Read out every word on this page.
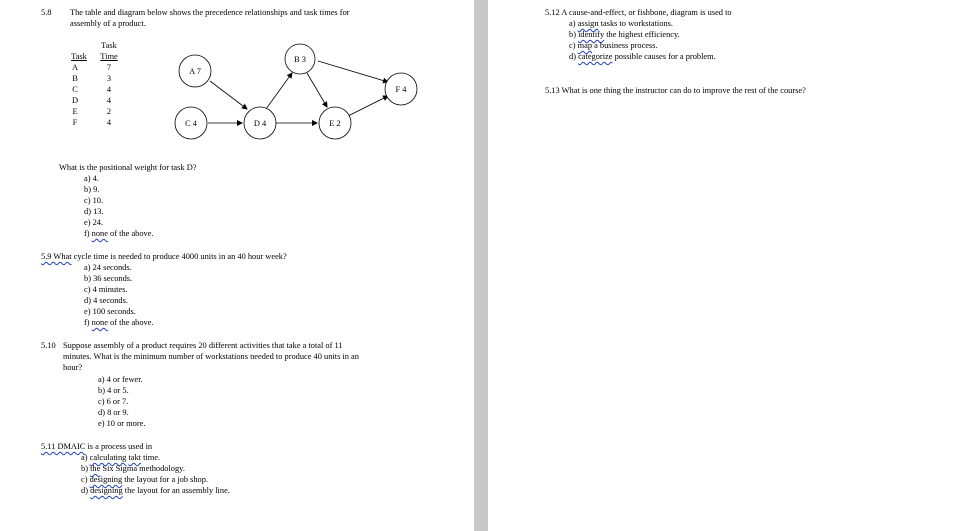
5.8 The table and diagram below shows the precedence relationships and task times for
assembly of a product.
Task
Task	Time
A	7
B	3
C	4
D	4
E	2
F	4
A 7
B 3
C 4	D 4	E 2
F 4
What is the positional weight for task D?
a) 4.
b) 9.
c) 10.
d) 13.
e) 24.
f) none of the above.
5.9 What cycle time is needed to produce 4000 units in an 40 hour week?
a) 24 seconds.
b) 36 seconds.
c) 4 minutes.
d) 4 seconds.
e) 100 seconds.
f) none of the above.
5.10 Suppose assembly of a product requires 20 different activities that take a total of 11
minutes. What is the minimum number of workstations needed to produce 40 units in an
hour?
a) 4 or fewer.
b) 4 or 5.
c) 6 or 7.
d) 8 or 9.
e) 10 or more.
5.11 DMAIC is a process used in
a) calculating takt time.
b) the Six Sigma methodology.
c) designing the layout for a job shop.
d) designing the layout for an assembly line.
5.12 A cause-and-effect, or fishbone, diagram is used to
a) assign tasks to workstations.
b) identify the highest efficiency.
c) map a business process.
d) categorize possible causes for a problem.
5.13 What is one thing the instructor can do to improve the rest of the course?
